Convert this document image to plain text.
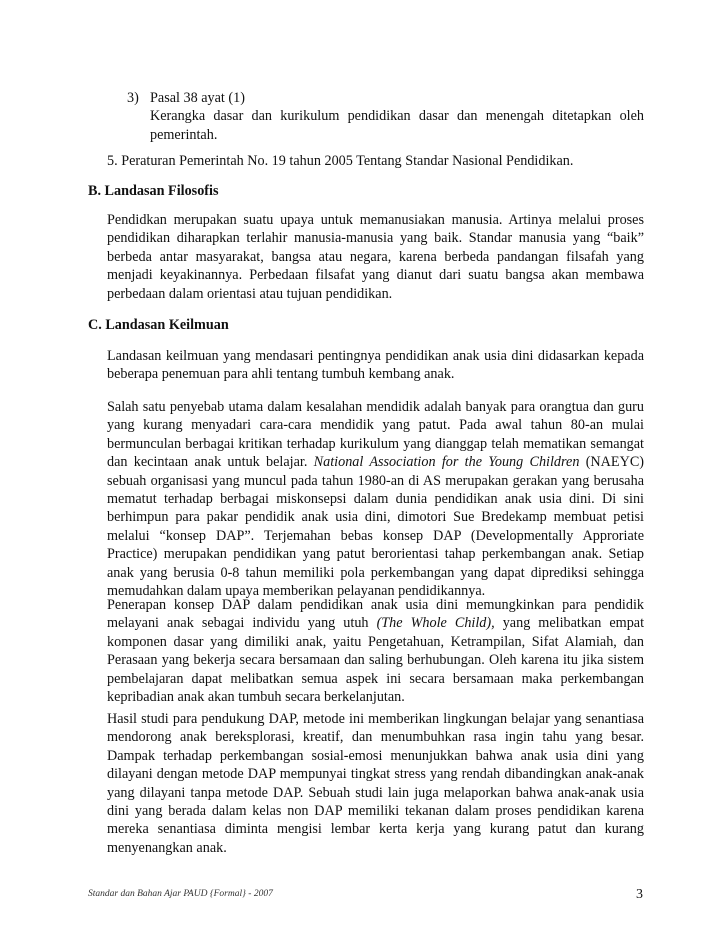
3) Pasal 38 ayat (1)
Kerangka dasar dan kurikulum pendidikan dasar dan menengah ditetapkan oleh pemerintah.
5. Peraturan Pemerintah No. 19 tahun 2005 Tentang Standar Nasional Pendidikan.
B. Landasan Filosofis
Pendidkan merupakan suatu upaya untuk memanusiakan manusia. Artinya melalui proses pendidikan diharapkan terlahir manusia-manusia yang baik. Standar manusia yang “baik” berbeda antar masyarakat, bangsa atau negara, karena berbeda pandangan filsafah yang menjadi keyakinannya. Perbedaan filsafat yang dianut dari suatu bangsa akan membawa perbedaan dalam orientasi atau tujuan pendidikan.
C. Landasan Keilmuan
Landasan keilmuan yang mendasari pentingnya pendidikan anak usia dini didasarkan kepada beberapa penemuan para ahli tentang tumbuh kembang anak.
Salah satu penyebab utama dalam kesalahan mendidik adalah banyak para orangtua dan guru yang kurang menyadari cara-cara mendidik yang patut. Pada awal tahun 80-an mulai bermunculan berbagai kritikan terhadap kurikulum yang dianggap telah mematikan semangat dan kecintaan anak untuk belajar. National Association for the Young Children (NAEYC) sebuah organisasi yang muncul pada tahun 1980-an di AS merupakan gerakan yang berusaha mematut terhadap berbagai miskonsepsi dalam dunia pendidikan anak usia dini. Di sini berhimpun para pakar pendidik anak usia dini, dimotori Sue Bredekamp membuat petisi melalui “konsep DAP”. Terjemahan bebas konsep DAP (Developmentally Approriate Practice) merupakan pendidikan yang patut berorientasi tahap perkembangan anak. Setiap anak yang berusia 0-8 tahun memiliki pola perkembangan yang dapat diprediksi sehingga memudahkan dalam upaya memberikan pelayanan pendidikannya.
Penerapan konsep DAP dalam pendidikan anak usia dini memungkinkan para pendidik melayani anak sebagai individu yang utuh (The Whole Child), yang melibatkan empat komponen dasar yang dimiliki anak, yaitu Pengetahuan, Ketrampilan, Sifat Alamiah, dan Perasaan yang bekerja secara bersamaan dan saling berhubungan. Oleh karena itu jika sistem pembelajaran dapat melibatkan semua aspek ini secara bersamaan maka perkembangan kepribadian anak akan tumbuh secara berkelanjutan.
Hasil studi para pendukung DAP, metode ini memberikan lingkungan belajar yang senantiasa mendorong anak bereksplorasi, kreatif, dan menumbuhkan rasa ingin tahu yang besar. Dampak terhadap perkembangan sosial-emosi menunjukkan bahwa anak usia dini yang dilayani dengan metode DAP mempunyai tingkat stress yang rendah dibandingkan anak-anak yang dilayani tanpa metode DAP. Sebuah studi lain juga melaporkan bahwa anak-anak usia dini yang berada dalam kelas non DAP memiliki tekanan dalam proses pendidikan karena mereka senantiasa diminta mengisi lembar kerta kerja yang kurang patut dan kurang menyenangkan anak.
Standar dan Bahan Ajar PAUD {Formal} - 2007	3
